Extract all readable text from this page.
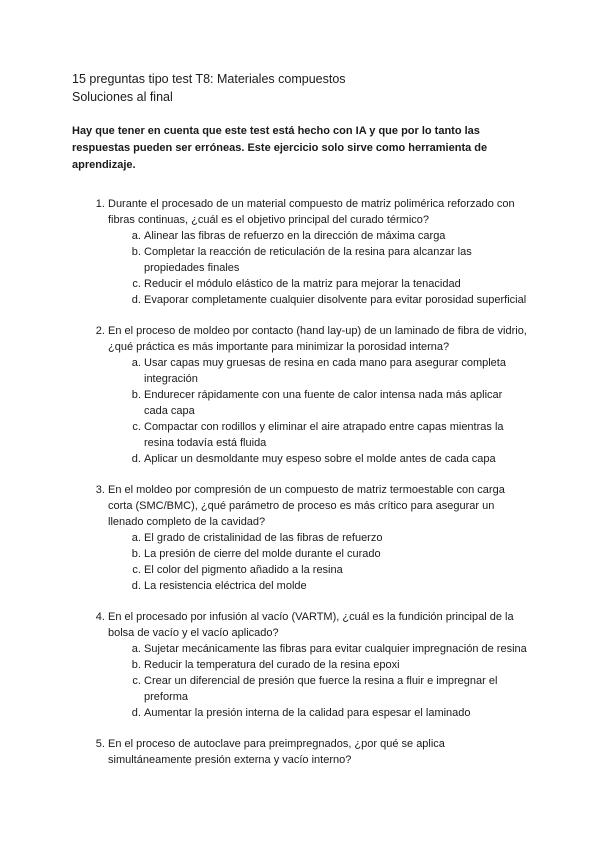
15 preguntas tipo test T8: Materiales compuestos

Soluciones al final

Hay que tener en cuenta que este test está hecho con IA y que por lo tanto las respuestas pueden ser erróneas. Este ejercicio solo sirve como herramienta de aprendizaje.
1. Durante el procesado de un material compuesto de matriz polimérica reforzado con fibras continuas, ¿cuál es el objetivo principal del curado térmico?
a. Alinear las fibras de refuerzo en la dirección de máxima carga
b. Completar la reacción de reticulación de la resina para alcanzar las propiedades finales
c. Reducir el módulo elástico de la matriz para mejorar la tenacidad
d. Evaporar completamente cualquier disolvente para evitar porosidad superficial
2. En el proceso de moldeo por contacto (hand lay-up) de un laminado de fibra de vidrio, ¿qué práctica es más importante para minimizar la porosidad interna?
a. Usar capas muy gruesas de resina en cada mano para asegurar completa integración
b. Endurecer rápidamente con una fuente de calor intensa nada más aplicar cada capa
c. Compactar con rodillos y eliminar el aire atrapado entre capas mientras la resina todavía está fluida
d. Aplicar un desmoldante muy espeso sobre el molde antes de cada capa
3. En el moldeo por compresión de un compuesto de matriz termoestable con carga corta (SMC/BMC), ¿qué parámetro de proceso es más crítico para asegurar un llenado completo de la cavidad?
a. El grado de cristalinidad de las fibras de refuerzo
b. La presión de cierre del molde durante el curado
c. El color del pigmento añadido a la resina
d. La resistencia eléctrica del molde
4. En el procesado por infusión al vacío (VARTM), ¿cuál es la fundición principal de la bolsa de vacío y el vacío aplicado?
a. Sujetar mecánicamente las fibras para evitar cualquier impregnación de resina
b. Reducir la temperatura del curado de la resina epoxi
c. Crear un diferencial de presión que fuerce la resina a fluir e impregnar el preforma
d. Aumentar la presión interna de la calidad para espesar el laminado
5. En el proceso de autoclave para preimpregnados, ¿por qué se aplica simultáneamente presión externa y vacío interno?
